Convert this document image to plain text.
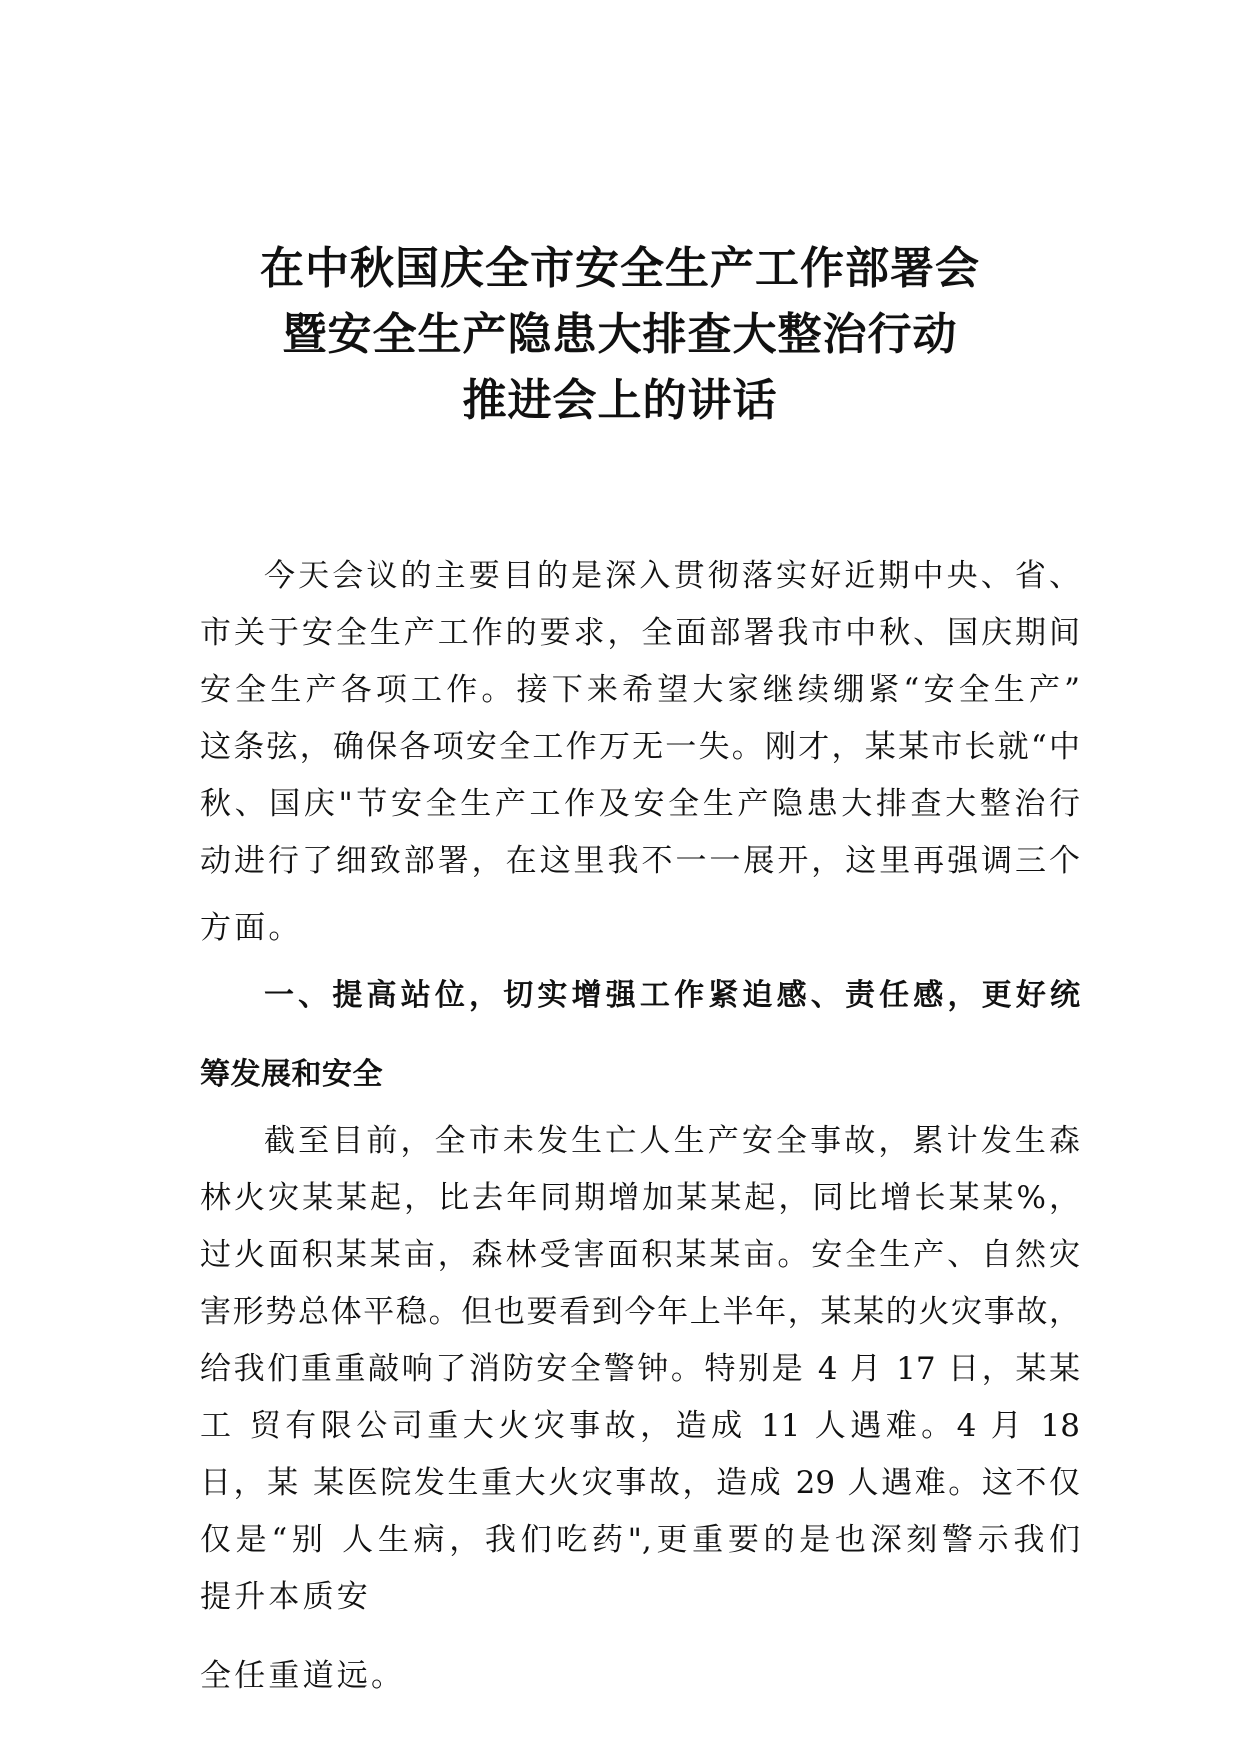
在中秋国庆全市安全生产工作部署会
暨安全生产隐患大排查大整治行动
推进会上的讲话
今天会议的主要目的是深入贯彻落实好近期中央、省、
市关于安全生产工作的要求，全面部署我市中秋、国庆期间
安全生产各项工作。接下来希望大家继续绷紧“安全生产”
这条弦，确保各项安全工作万无一失。刚才，某某市长就“中
秋、国庆"节安全生产工作及安全生产隐患大排查大整治行
动进行了细致部署，在这里我不一一展开，这里再强调三个
方面。
一、提高站位，切实增强工作紧迫感、责任感，更好统
筹发展和安全
截至目前，全市未发生亡人生产安全事故，累计发生森
林火灾某某起，比去年同期增加某某起，同比增长某某%，
过火面积某某亩，森林受害面积某某亩。安全生产、自然灾
害形势总体平稳。但也要看到今年上半年，某某的火灾事故，
给我们重重敲响了消防安全警钟。特别是 4 月 17 日，某某
工 贸有限公司重大火灾事故，造成 11 人遇难。4 月 18
日，某 某医院发生重大火灾事故，造成 29 人遇难。这不仅
仅是“别 人生病，我们吃药",更重要的是也深刻警示我们
提升本质安
全任重道远。
